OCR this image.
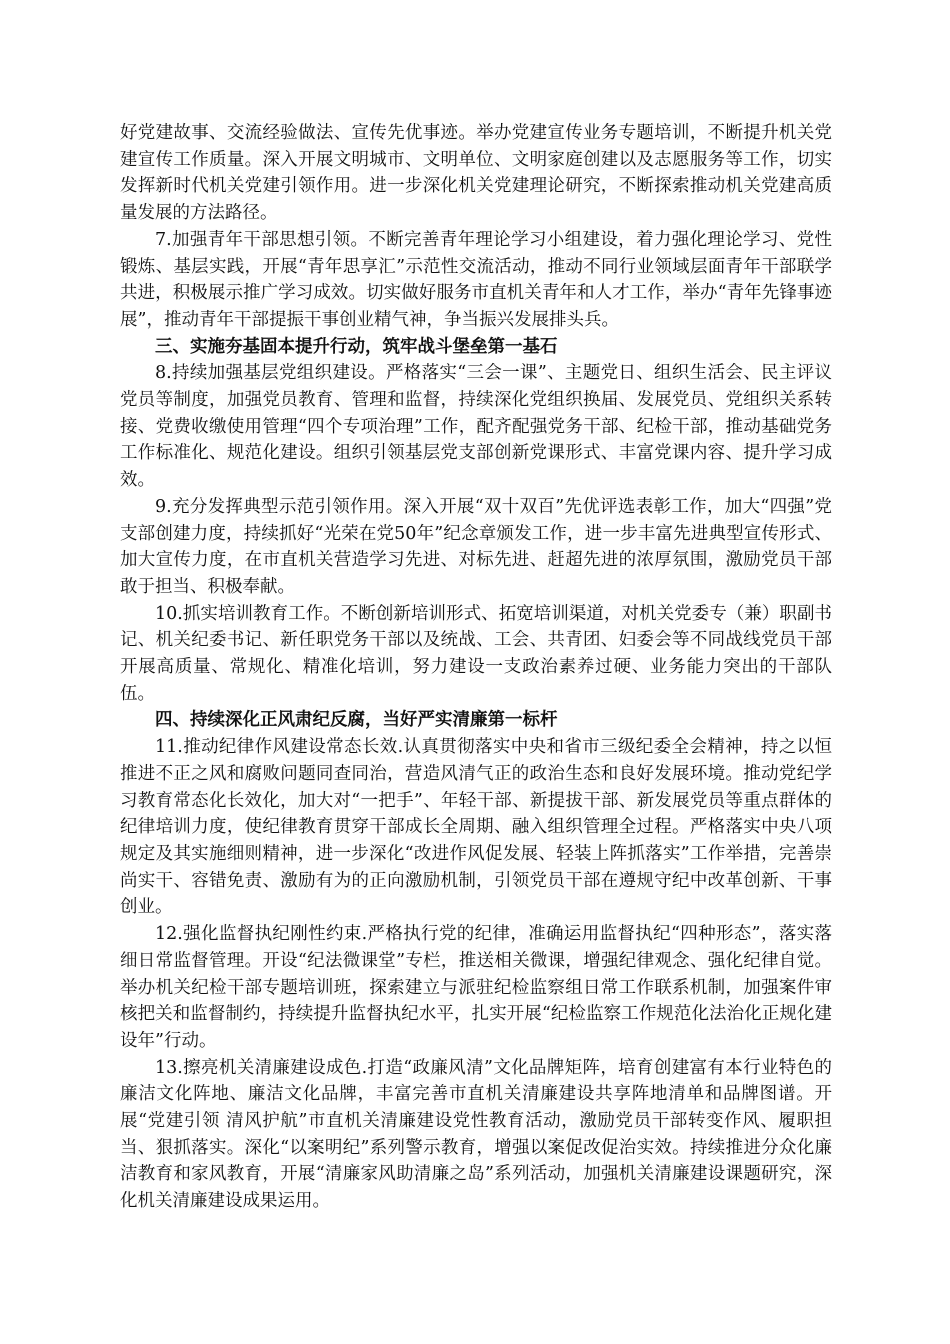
好党建故事、交流经验做法、宣传先优事迹。举办党建宣传业务专题培训，不断提升机关党建宣传工作质量。深入开展文明城市、文明单位、文明家庭创建以及志愿服务等工作，切实发挥新时代机关党建引领作用。进一步深化机关党建理论研究，不断探索推动机关党建高质量发展的方法路径。

7.加强青年干部思想引领。不断完善青年理论学习小组建设，着力强化理论学习、党性锻炼、基层实践，开展“青年思享汇”示范性交流活动，推动不同行业领域层面青年干部联学共进，积极展示推广学习成效。切实做好服务市直机关青年和人才工作，举办“青年先锋事迹展”，推动青年干部提振干事创业精气神，争当振兴发展排头兵。

三、实施夯基固本提升行动，筑牢战斗堡垒第一基石

8.持续加强基层党组织建设。严格落实“三会一课”、主题党日、组织生活会、民主评议党员等制度，加强党员教育、管理和监督，持续深化党组织换届、发展党员、党组织关系转接、党费收缴使用管理“四个专项治理”工作，配齐配强党务干部、纪检干部，推动基础党务工作标准化、规范化建设。组织引领基层党支部创新党课形式、丰富党课内容、提升学习成效。

9.充分发挥典型示范引领作用。深入开展“双十双百”先优评选表彰工作，加大“四强”党支部创建力度，持续抓好“光荣在党50年”纪念章颁发工作，进一步丰富先进典型宣传形式、加大宣传力度，在市直机关营造学习先进、对标先进、赶超先进的浓厚氛围，激励党员干部敢于担当、积极奉献。

10.抓实培训教育工作。不断创新培训形式、拓宽培训渠道，对机关党委专（兼）职副书记、机关纪委书记、新任职党务干部以及统战、工会、共青团、妇委会等不同战线党员干部开展高质量、常规化、精准化培训，努力建设一支政治素养过硬、业务能力突出的干部队伍。

四、持续深化正风肃纪反腐，当好严实清廉第一标杆

11.推动纪律作风建设常态长效.认真贯彻落实中央和省市三级纪委全会精神，持之以恒推进不正之风和腐败问题同查同治，营造风清气正的政治生态和良好发展环境。推动党纪学习教育常态化长效化，加大对“一把手”、年轻干部、新提拔干部、新发展党员等重点群体的纪律培训力度，使纪律教育贯穿干部成长全周期、融入组织管理全过程。严格落实中央八项规定及其实施细则精神，进一步深化“改进作风促发展、轻装上阵抓落实”工作举措，完善崇尚实干、容错免责、激励有为的正向激励机制，引领党员干部在遵规守纪中改革创新、干事创业。

12.强化监督执纪刚性约束.严格执行党的纪律，准确运用监督执纪“四种形态”，落实落细日常监督管理。开设“纪法微课堂”专栏，推送相关微课，增强纪律观念、强化纪律自觉。举办机关纪检干部专题培训班，探索建立与派驻纪检监察组日常工作联系机制，加强案件审核把关和监督制约，持续提升监督执纪水平，扎实开展“纪检监察工作规范化法治化正规化建设年”行动。

13.擦亮机关清廉建设成色.打造“政廉风清”文化品牌矩阵，培育创建富有本行业特色的廉洁文化阵地、廉洁文化品牌，丰富完善市直机关清廉建设共享阵地清单和品牌图谱。开展“党建引领 清风护航”市直机关清廉建设党性教育活动，激励党员干部转变作风、履职担当、狠抓落实。深化“以案明纪”系列警示教育，增强以案促改促治实效。持续推进分众化廉洁教育和家风教育，开展“清廉家风助清廉之岛”系列活动，加强机关清廉建设课题研究，深化机关清廉建设成果运用。
